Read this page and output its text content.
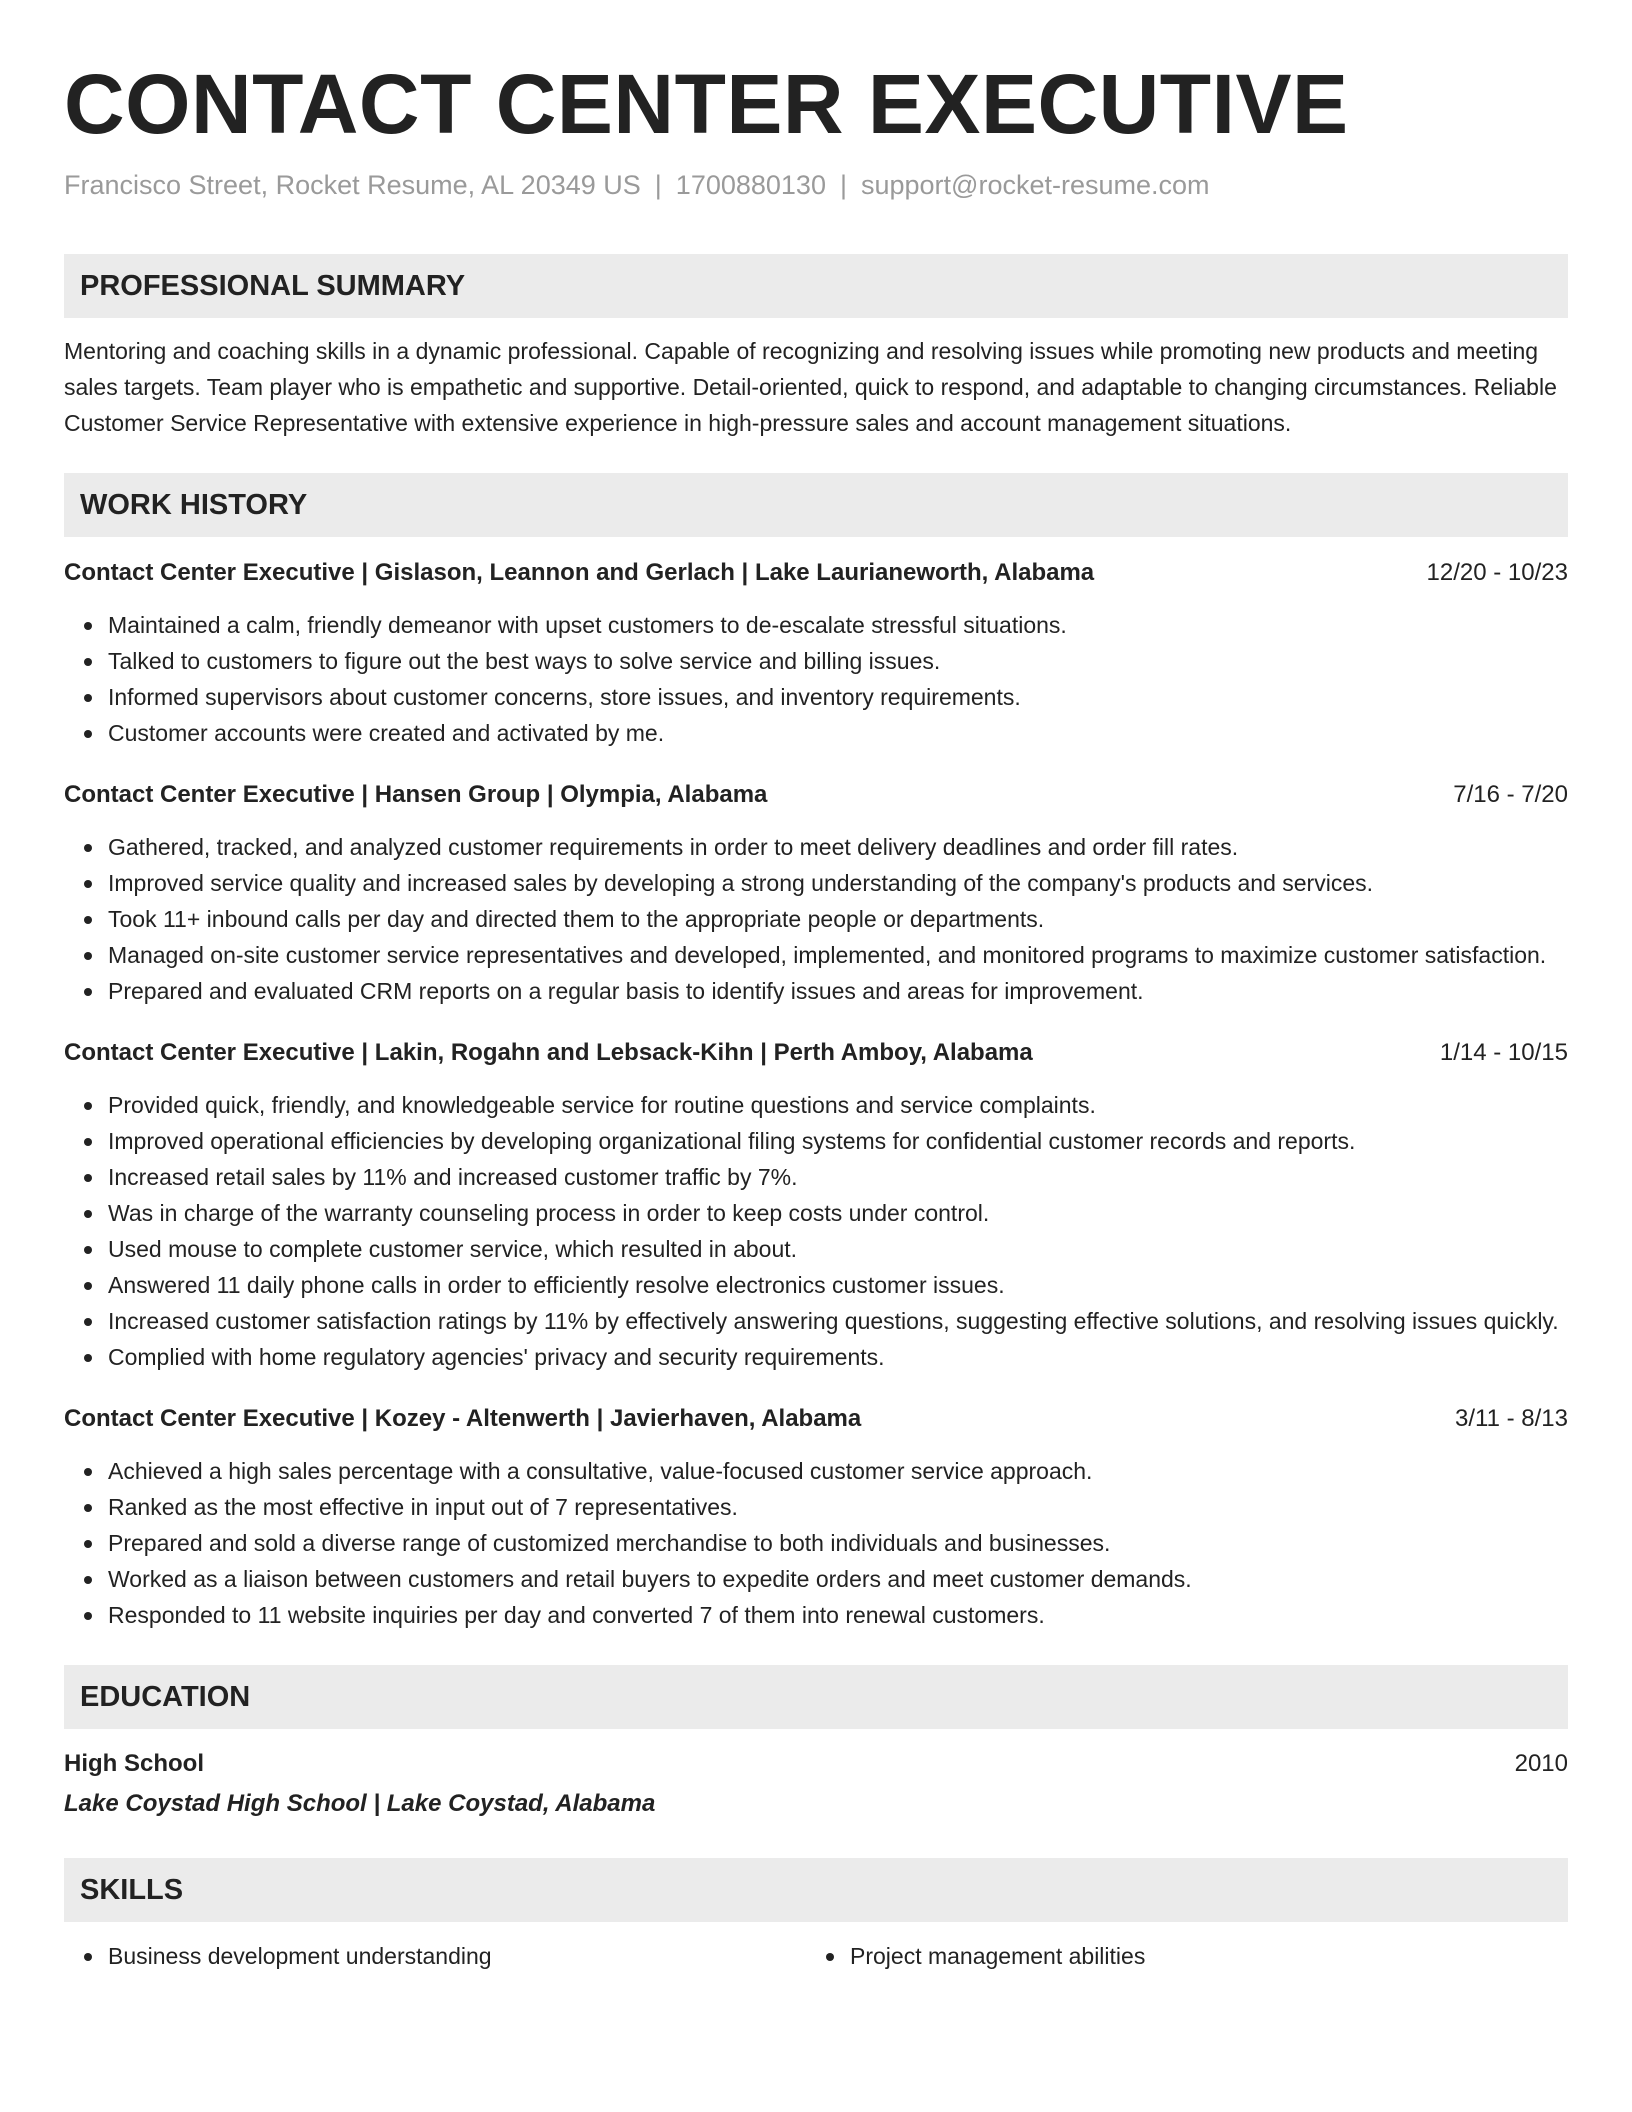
CONTACT CENTER EXECUTIVE
Francisco Street, Rocket Resume, AL 20349 US | 1700880130 | support@rocket-resume.com
PROFESSIONAL SUMMARY

Mentoring and coaching skills in a dynamic professional. Capable of recognizing and resolving issues while promoting new products and meeting sales targets. Team player who is empathetic and supportive. Detail-oriented, quick to respond, and adaptable to changing circumstances. Reliable Customer Service Representative with extensive experience in high-pressure sales and account management situations.

WORK HISTORY
Contact Center Executive | Gislason, Leannon and Gerlach | Lake Laurianeworth, Alabama	12/20 - 10/23
Maintained a calm, friendly demeanor with upset customers to de-escalate stressful situations.
Talked to customers to figure out the best ways to solve service and billing issues.
Informed supervisors about customer concerns, store issues, and inventory requirements.
Customer accounts were created and activated by me.
Contact Center Executive | Hansen Group | Olympia, Alabama	7/16 - 7/20
Gathered, tracked, and analyzed customer requirements in order to meet delivery deadlines and order fill rates.
Improved service quality and increased sales by developing a strong understanding of the company's products and services.
Took 11+ inbound calls per day and directed them to the appropriate people or departments.
Managed on-site customer service representatives and developed, implemented, and monitored programs to maximize customer satisfaction.
Prepared and evaluated CRM reports on a regular basis to identify issues and areas for improvement.
Contact Center Executive | Lakin, Rogahn and Lebsack-Kihn | Perth Amboy, Alabama	1/14 - 10/15
Provided quick, friendly, and knowledgeable service for routine questions and service complaints.
Improved operational efficiencies by developing organizational filing systems for confidential customer records and reports.
Increased retail sales by 11% and increased customer traffic by 7%.
Was in charge of the warranty counseling process in order to keep costs under control.
Used mouse to complete customer service, which resulted in about.
Answered 11 daily phone calls in order to efficiently resolve electronics customer issues.
Increased customer satisfaction ratings by 11% by effectively answering questions, suggesting effective solutions, and resolving issues quickly.
Complied with home regulatory agencies' privacy and security requirements.
Contact Center Executive | Kozey - Altenwerth | Javierhaven, Alabama	3/11 - 8/13
Achieved a high sales percentage with a consultative, value-focused customer service approach.
Ranked as the most effective in input out of 7 representatives.
Prepared and sold a diverse range of customized merchandise to both individuals and businesses.
Worked as a liaison between customers and retail buyers to expedite orders and meet customer demands.
Responded to 11 website inquiries per day and converted 7 of them into renewal customers.
EDUCATION
High School	2010
Lake Coystad High School | Lake Coystad, Alabama
SKILLS
Business development understanding	Project management abilities
